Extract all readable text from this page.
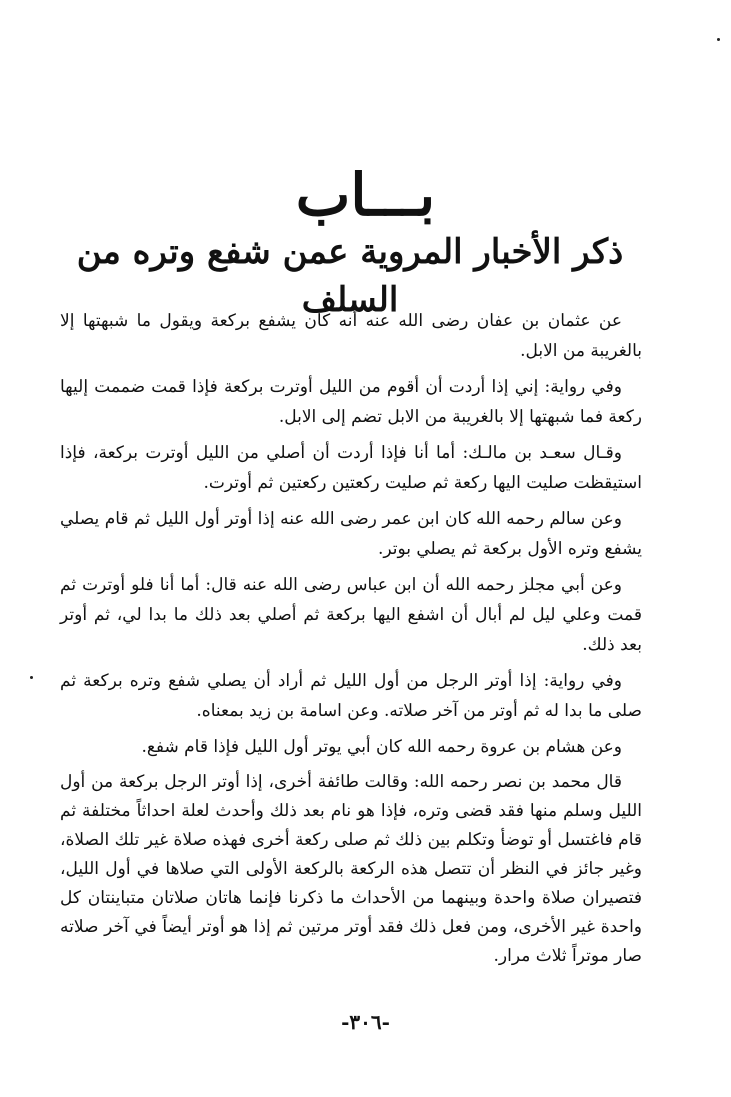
بـــاب
ذكر الأخبار المروية عمن شفع وتره من السلف

عن عثمان بن عفان رضى الله عنه أنه كان يشفع بركعة ويقول ما شبهتها إلا بالغريبة من الابل.

وفي رواية: إني إذا أردت أن أقوم من الليل أوترت بركعة فإذا قمت ضممت إليها ركعة فما شبهتها إلا بالغريبة من الابل تضم إلى الابل.

وقـال سعـد بن مالـك: أما أنا فإذا أردت أن أصلي من الليل أوترت بركعة، فإذا استيقظت صليت اليها ركعة ثم صليت ركعتين ركعتين ثم أوترت.

وعن سالم رحمه الله كان ابن عمر رضى الله عنه إذا أوتر أول الليل ثم قام يصلي يشفع وتره الأول بركعة ثم يصلي بوتر.

وعن أبي مجلز رحمه الله أن ابن عباس رضى الله عنه قال: أما أنا فلو أوترت ثم قمت وعلي ليل لم أبال أن اشفع اليها بركعة ثم أصلي بعد ذلك ما بدا لي، ثم أوتر بعد ذلك.

وفي رواية: إذا أوتر الرجل من أول الليل ثم أراد أن يصلي شفع وتره بركعة ثم صلى ما بدا له ثم أوتر من آخر صلاته. وعن اسامة بن زيد بمعناه.

وعن هشام بن عروة رحمه الله كان أبي يوتر أول الليل فإذا قام شفع.

قال محمد بن نصر رحمه الله: وقالت طائفة أخرى، إذا أوتر الرجل بركعة من أول الليل وسلم منها فقد قضى وتره، فإذا هو نام بعد ذلك وأحدث لعلة احداثاً مختلفة ثم قام فاغتسل أو توضأ وتكلم بين ذلك ثم صلى ركعة أخرى فهذه صلاة غير تلك الصلاة، وغير جائز في النظر أن تتصل هذه الركعة بالركعة الأولى التي صلاها في أول الليل، فتصيران صلاة واحدة وبينهما من الأحداث ما ذكرنا فإنما هاتان صلاتان متباينتان كل واحدة غير الأخرى، ومن فعل ذلك فقد أوتر مرتين ثم إذا هو أوتر أيضاً في آخر صلاته صار موتراً ثلاث مرار.

-٣٠٦-
